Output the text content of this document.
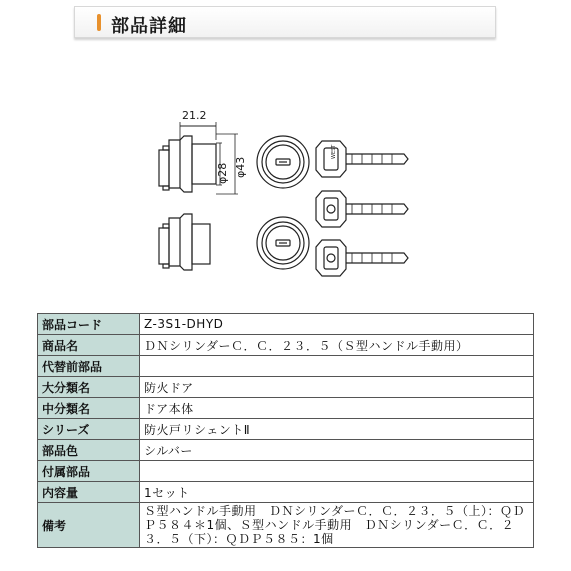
部品詳細
21.2
φ28 φ43
WEST
部品コード	Z-3S1-DHYD
商品名	ＤＮシリンダーＣ．Ｃ．２３．５（Ｓ型ハンドル手動用）
代替前部品	
大分類名	防火ドア
中分類名	ドア本体
シリーズ	防火戸リシェントⅡ
部品色	シルバー
付属部品	
内容量	1セット
備考	Ｓ型ハンドル手動用　ＤＮシリンダーＣ．Ｃ．２３．５（上）：ＱＤＰ５８４＊1個、Ｓ型ハンドル手動用　ＤＮシリンダーＣ．Ｃ．２３．５（下）：ＱＤＰ５８５：1個
